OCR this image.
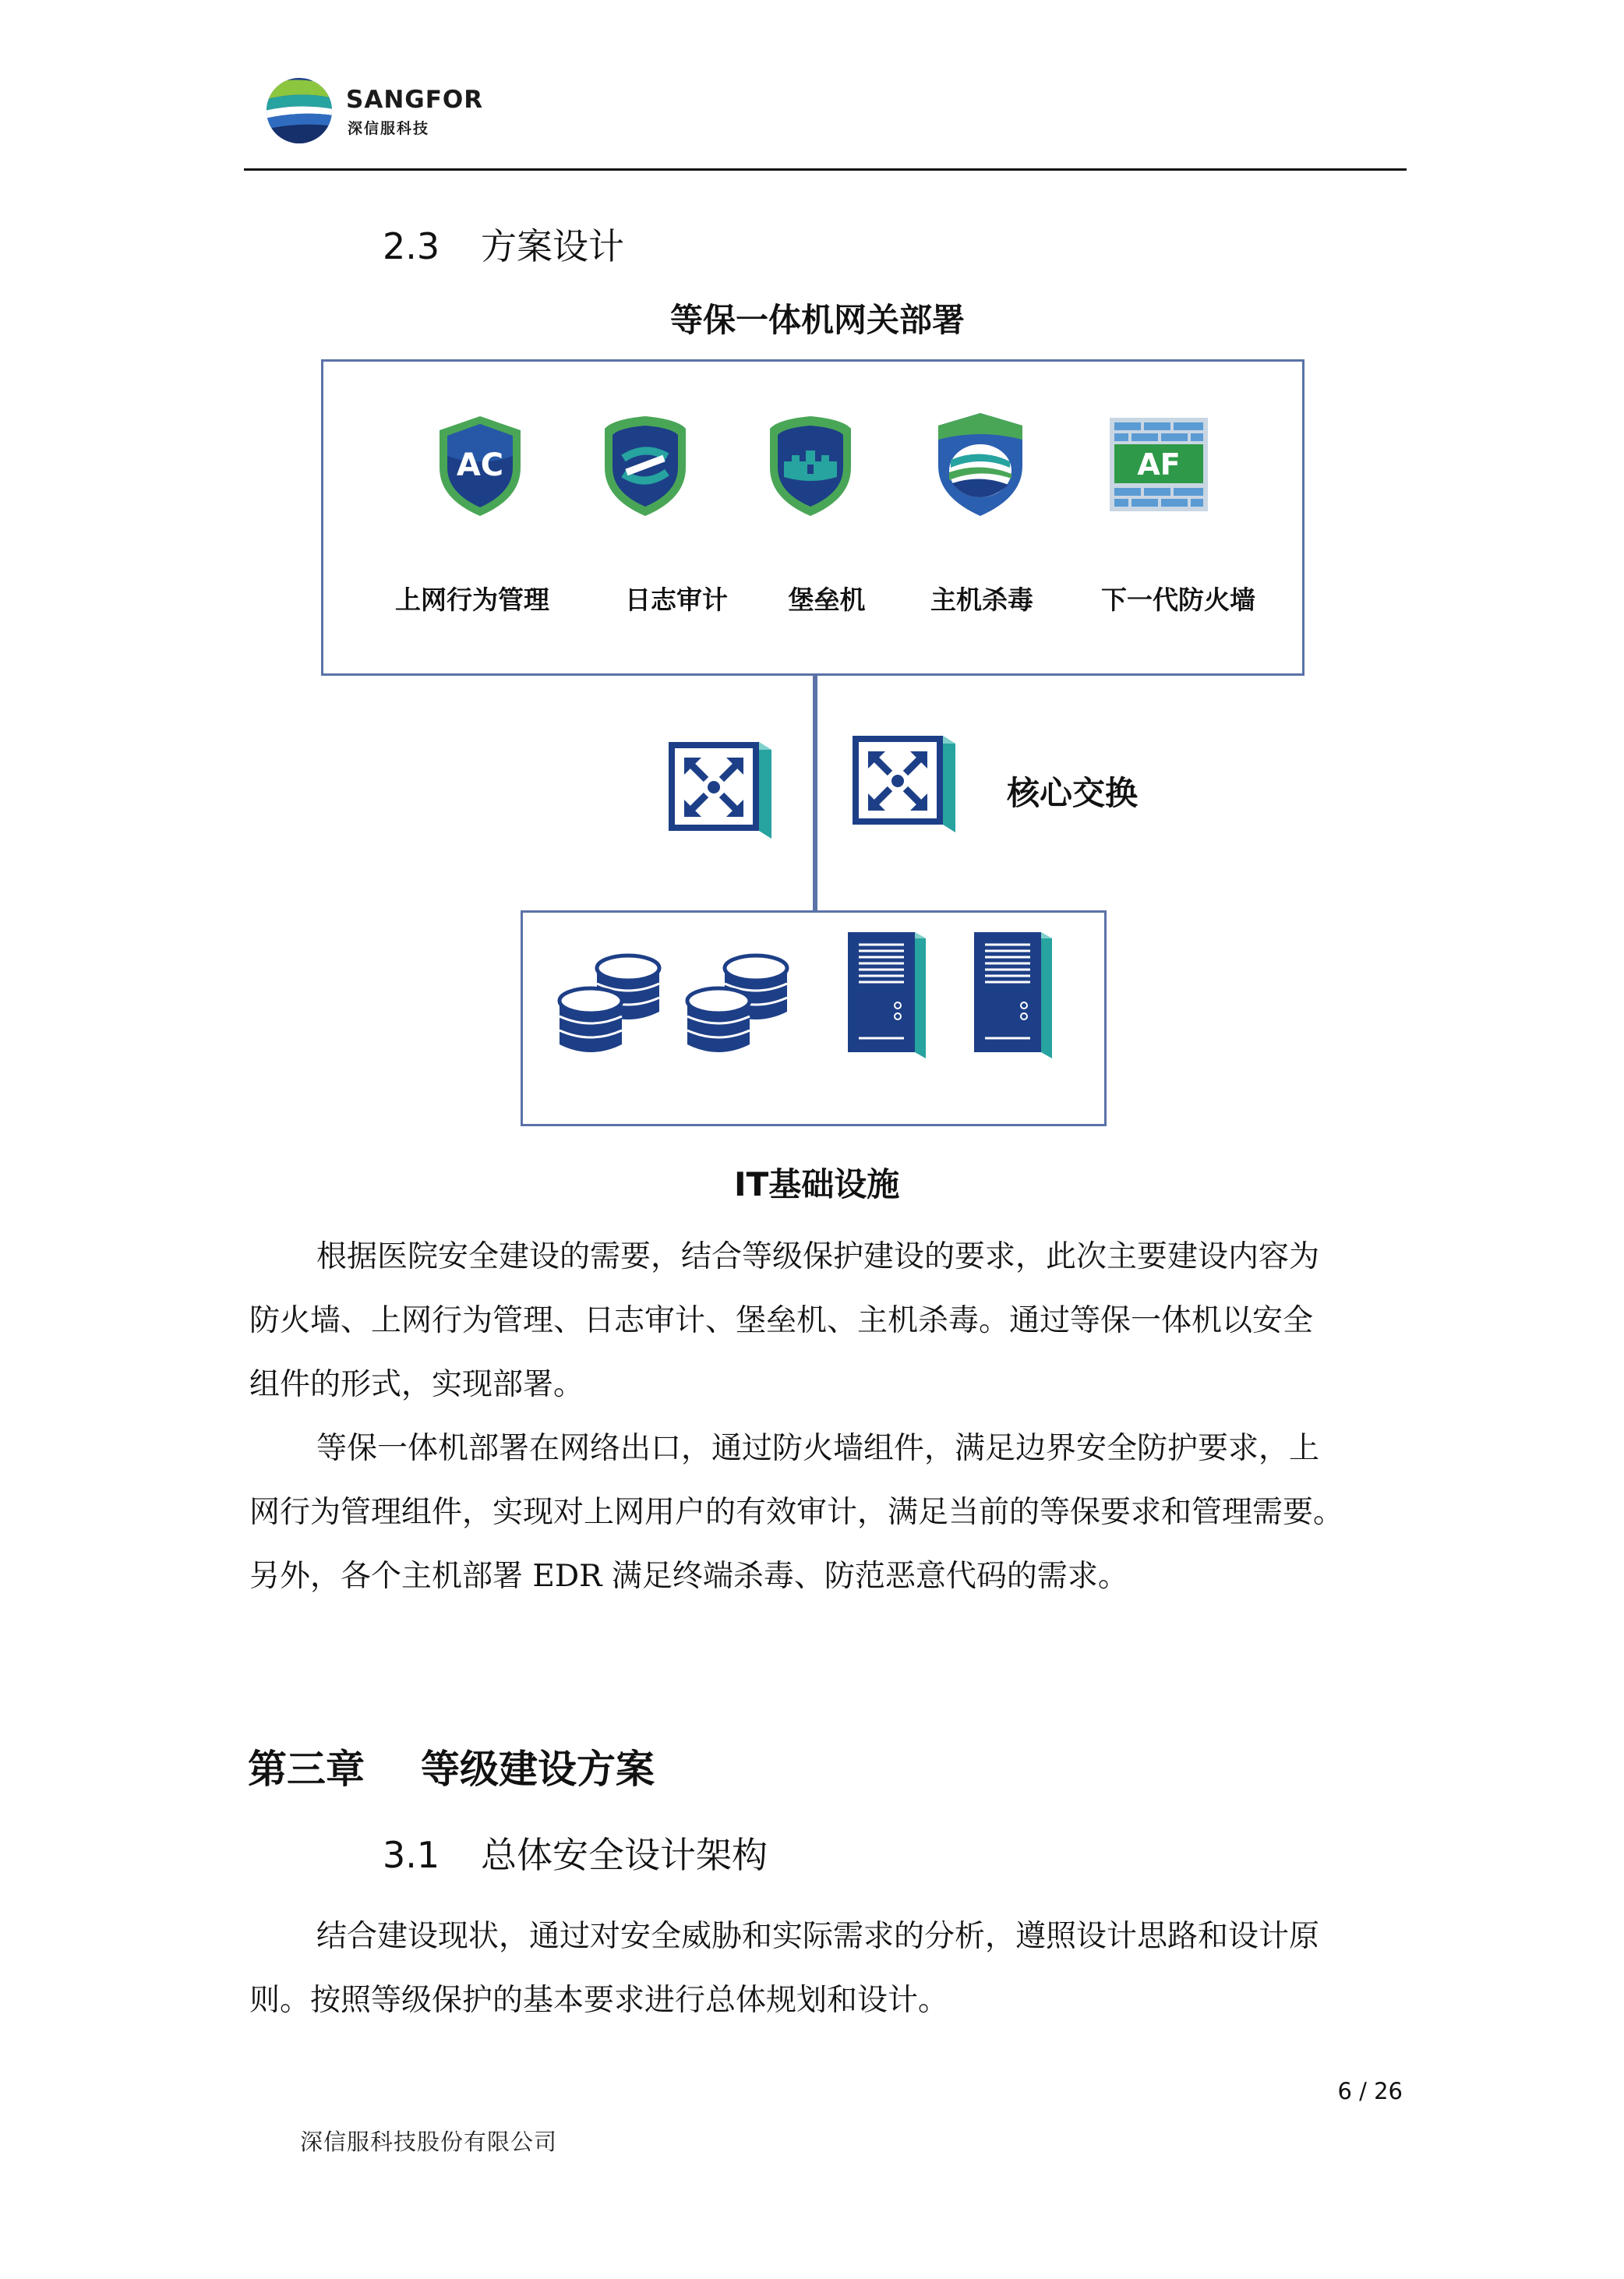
SANGFOR
深信服科技
2.3 方案设计
等保一体机网关部署
AC	AF
上网行为管理	日志审计	堡垒机	主机杀毒	下一代防火墙
核心交换
IT基础设施
根据医院安全建设的需要，结合等级保护建设的要求，此次主要建设内容为
防火墙、上网行为管理、日志审计、堡垒机、主机杀毒。通过等保一体机以安全
组件的形式，实现部署。
等保一体机部署在网络出口，通过防火墙组件，满足边界安全防护要求，上
网行为管理组件，实现对上网用户的有效审计，满足当前的等保要求和管理需要。
另外，各个主机部署 EDR 满足终端杀毒、防范恶意代码的需求。
第三章 等级建设方案
3.1 总体安全设计架构
结合建设现状，通过对安全威胁和实际需求的分析，遵照设计思路和设计原
则。按照等级保护的基本要求进行总体规划和设计。
6 / 26
深信服科技股份有限公司
